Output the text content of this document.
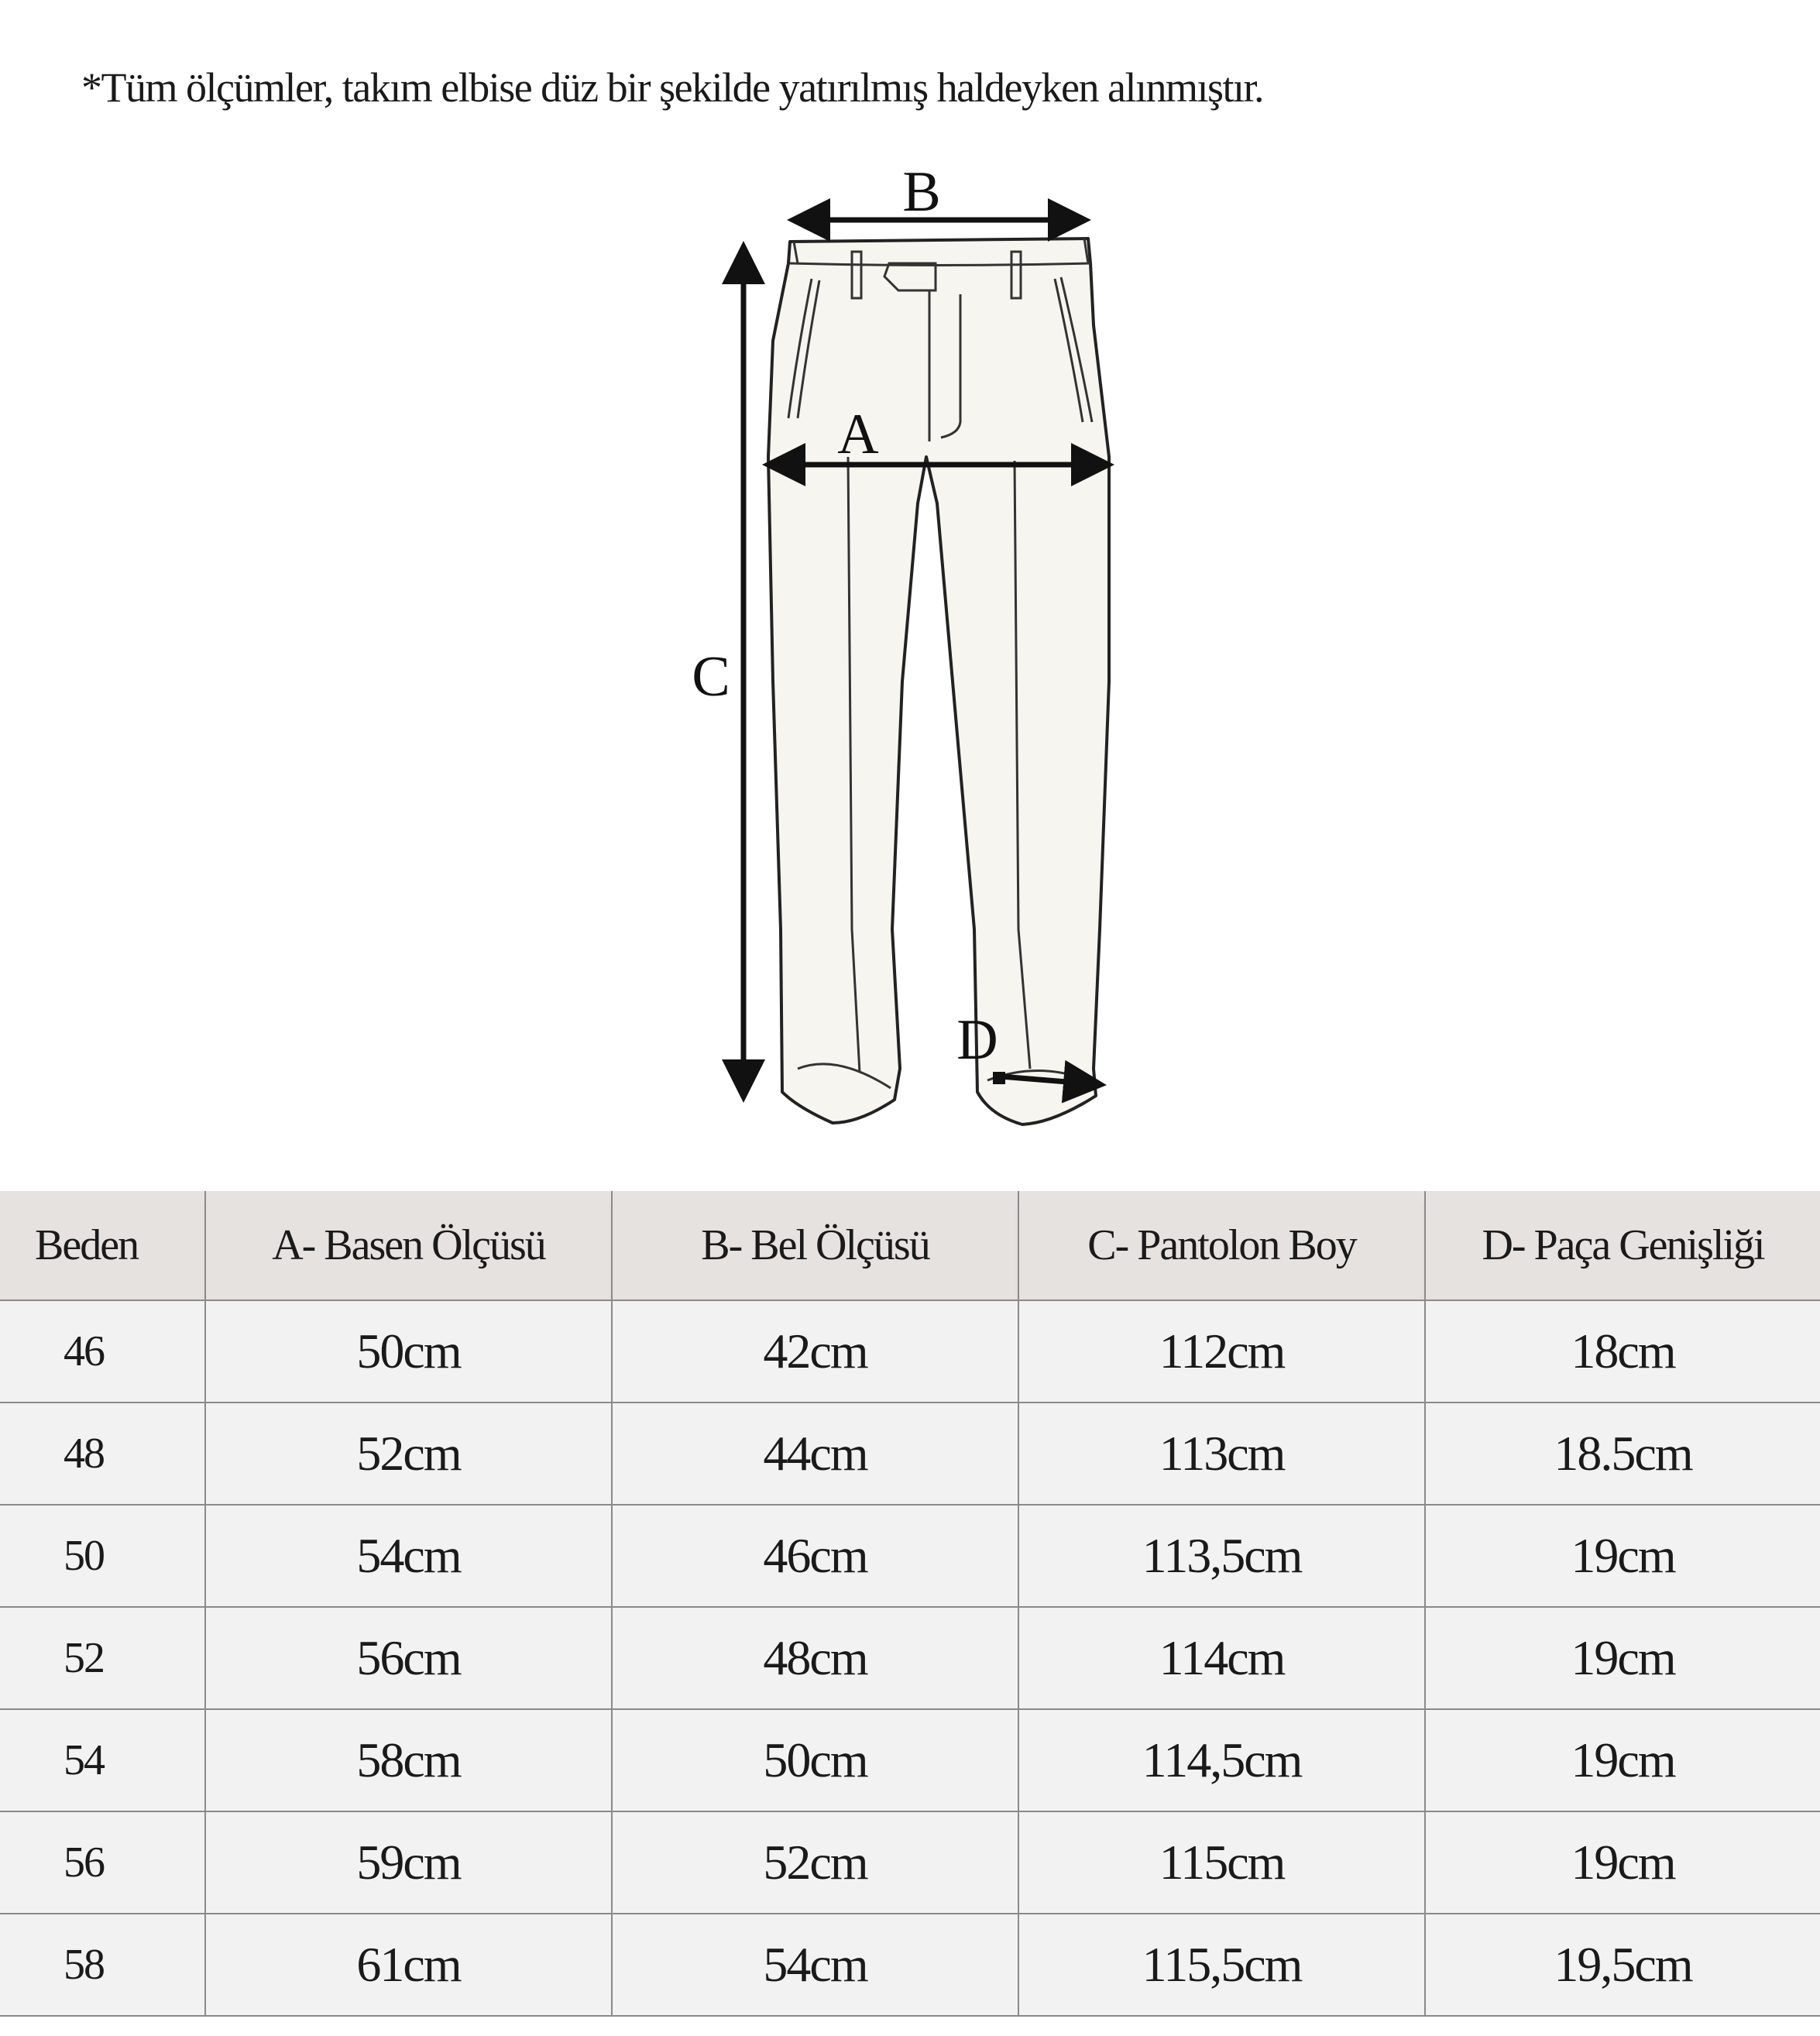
*Tüm ölçümler, takım elbise düz bir şekilde yatırılmış haldeyken alınmıştır.
B
A
C
D
Beden	A- Basen Ölçüsü	B- Bel Ölçüsü	C- Pantolon Boy	D- Paça Genişliği
46	50cm	42cm	112cm	18cm
48	52cm	44cm	113cm	18.5cm
50	54cm	46cm	113,5cm	19cm
52	56cm	48cm	114cm	19cm
54	58cm	50cm	114,5cm	19cm
56	59cm	52cm	115cm	19cm
58	61cm	54cm	115,5cm	19,5cm
